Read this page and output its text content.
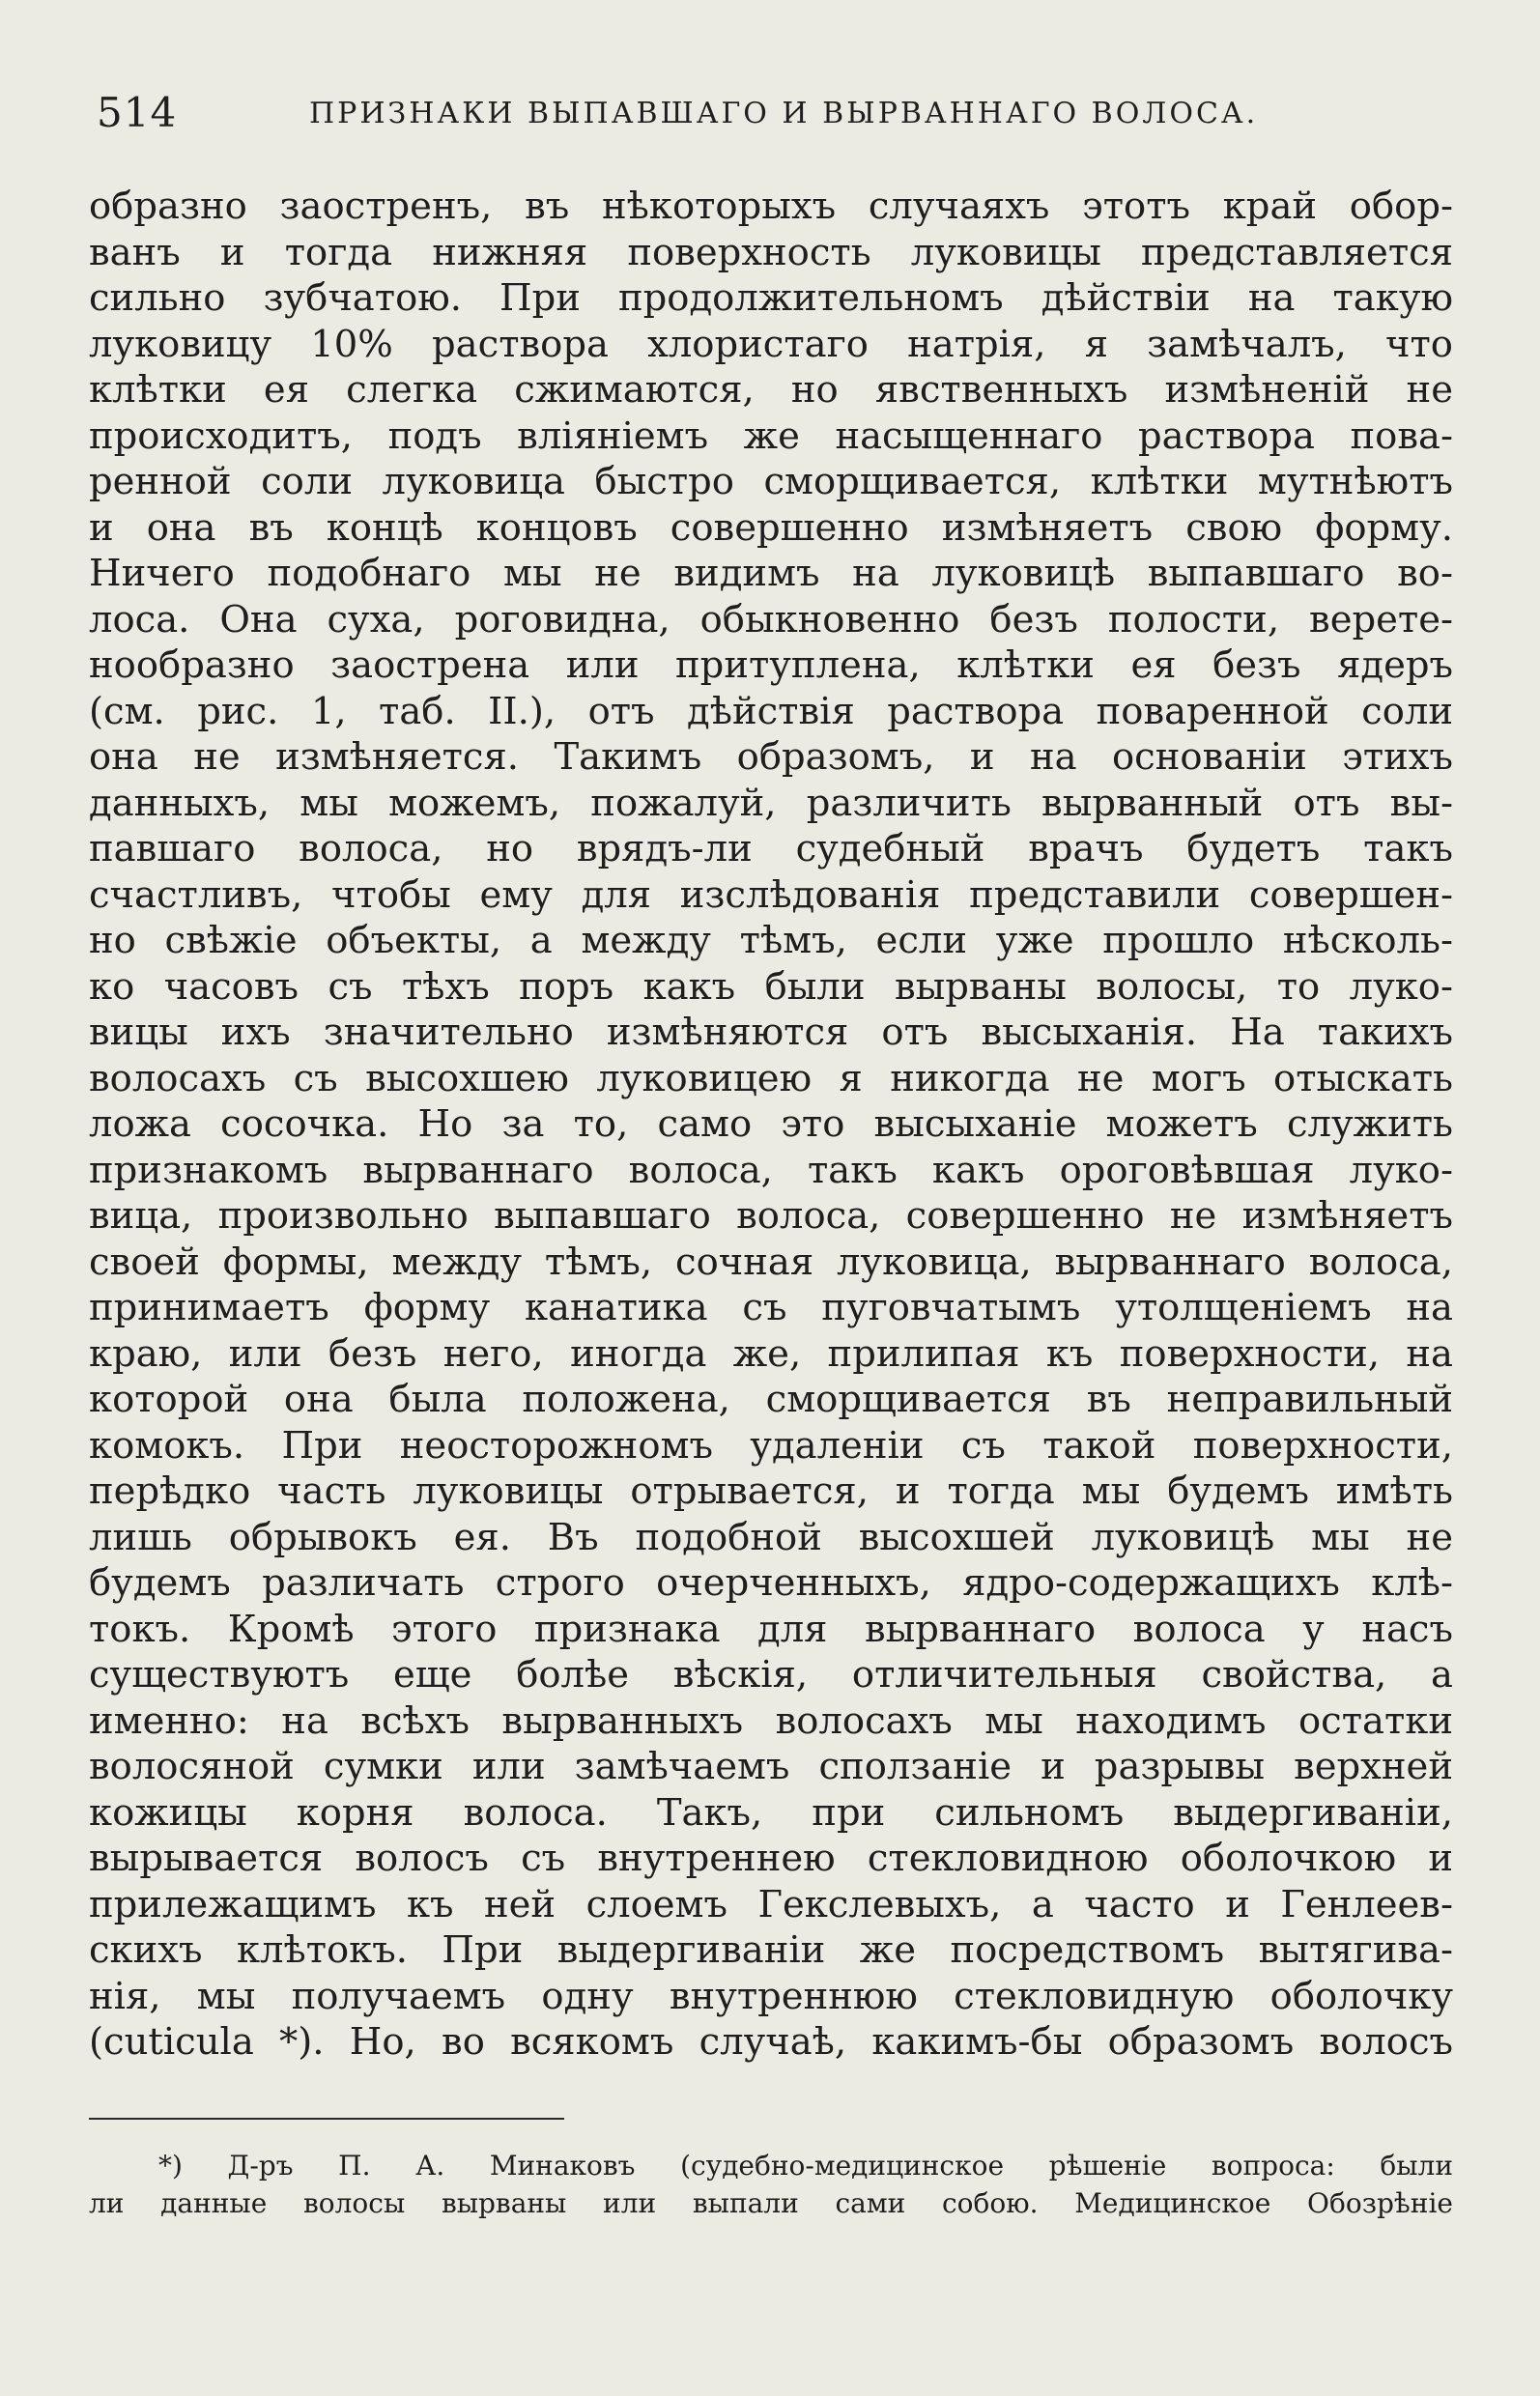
514	ПРИЗНАКИ ВЫПАВШАГО И ВЫРВАННАГО ВОЛОСА.
образно заостренъ, въ нѣкоторыхъ случаяхъ этотъ край обор-
ванъ и тогда нижняя поверхность луковицы представляется
сильно зубчатою. При продолжительномъ дѣйствіи на такую
луковицу 10% раствора хлористаго натрія, я замѣчалъ, что
клѣтки ея слегка сжимаются, но явственныхъ измѣненій не
происходитъ, подъ вліяніемъ же насыщеннаго раствора пова-
ренной соли луковица быстро сморщивается, клѣтки мутнѣютъ
и она въ концѣ концовъ совершенно измѣняетъ свою форму.
Ничего подобнаго мы не видимъ на луковицѣ выпавшаго во-
лоса. Она суха, роговидна, обыкновенно безъ полости, верете-
нообразно заострена или притуплена, клѣтки ея безъ ядеръ
(см. рис. 1, таб. II.), отъ дѣйствія раствора поваренной соли
она не измѣняется. Такимъ образомъ, и на основаніи этихъ
данныхъ, мы можемъ, пожалуй, различить вырванный отъ вы-
павшаго волоса, но врядъ-ли судебный врачъ будетъ такъ
счастливъ, чтобы ему для изслѣдованія представили совершен-
но свѣжіе объекты, а между тѣмъ, если уже прошло нѣсколь-
ко часовъ съ тѣхъ поръ какъ были вырваны волосы, то луко-
вицы ихъ значительно измѣняются отъ высыханія. На такихъ
волосахъ съ высохшею луковицею я никогда не могъ отыскать
ложа сосочка. Но за то, само это высыханіе можетъ служить
признакомъ вырваннаго волоса, такъ какъ ороговѣвшая луко-
вица, произвольно выпавшаго волоса, совершенно не измѣняетъ
своей формы, между тѣмъ, сочная луковица, вырваннаго волоса,
принимаетъ форму канатика съ пуговчатымъ утолщеніемъ на
краю, или безъ него, иногда же, прилипая къ поверхности, на
которой она была положена, сморщивается въ неправильный
комокъ. При неосторожномъ удаленіи съ такой поверхности,
перѣдко часть луковицы отрывается, и тогда мы будемъ имѣть
лишь обрывокъ ея. Въ подобной высохшей луковицѣ мы не
будемъ различать строго очерченныхъ, ядро-содержащихъ клѣ-
токъ. Кромѣ этого признака для вырваннаго волоса у насъ
существуютъ еще болѣе вѣскія, отличительныя свойства, а
именно: на всѣхъ вырванныхъ волосахъ мы находимъ остатки
волосяной сумки или замѣчаемъ сползаніе и разрывы верхней
кожицы корня волоса. Такъ, при сильномъ выдергиваніи,
вырывается волосъ съ внутреннею стекловидною оболочкою и
прилежащимъ къ ней слоемъ Гекслевыхъ, а часто и Генлеев-
скихъ клѣтокъ. При выдергиваніи же посредствомъ вытягива-
нія, мы получаемъ одну внутреннюю стекловидную оболочку
(cuticula *). Но, во всякомъ случаѣ, какимъ-бы образомъ волосъ
*) Д-ръ П. А. Минаковъ (судебно-медицинское рѣшеніе вопроса: были
ли данные волосы вырваны или выпали сами собою. Медицинское Обозрѣніе
